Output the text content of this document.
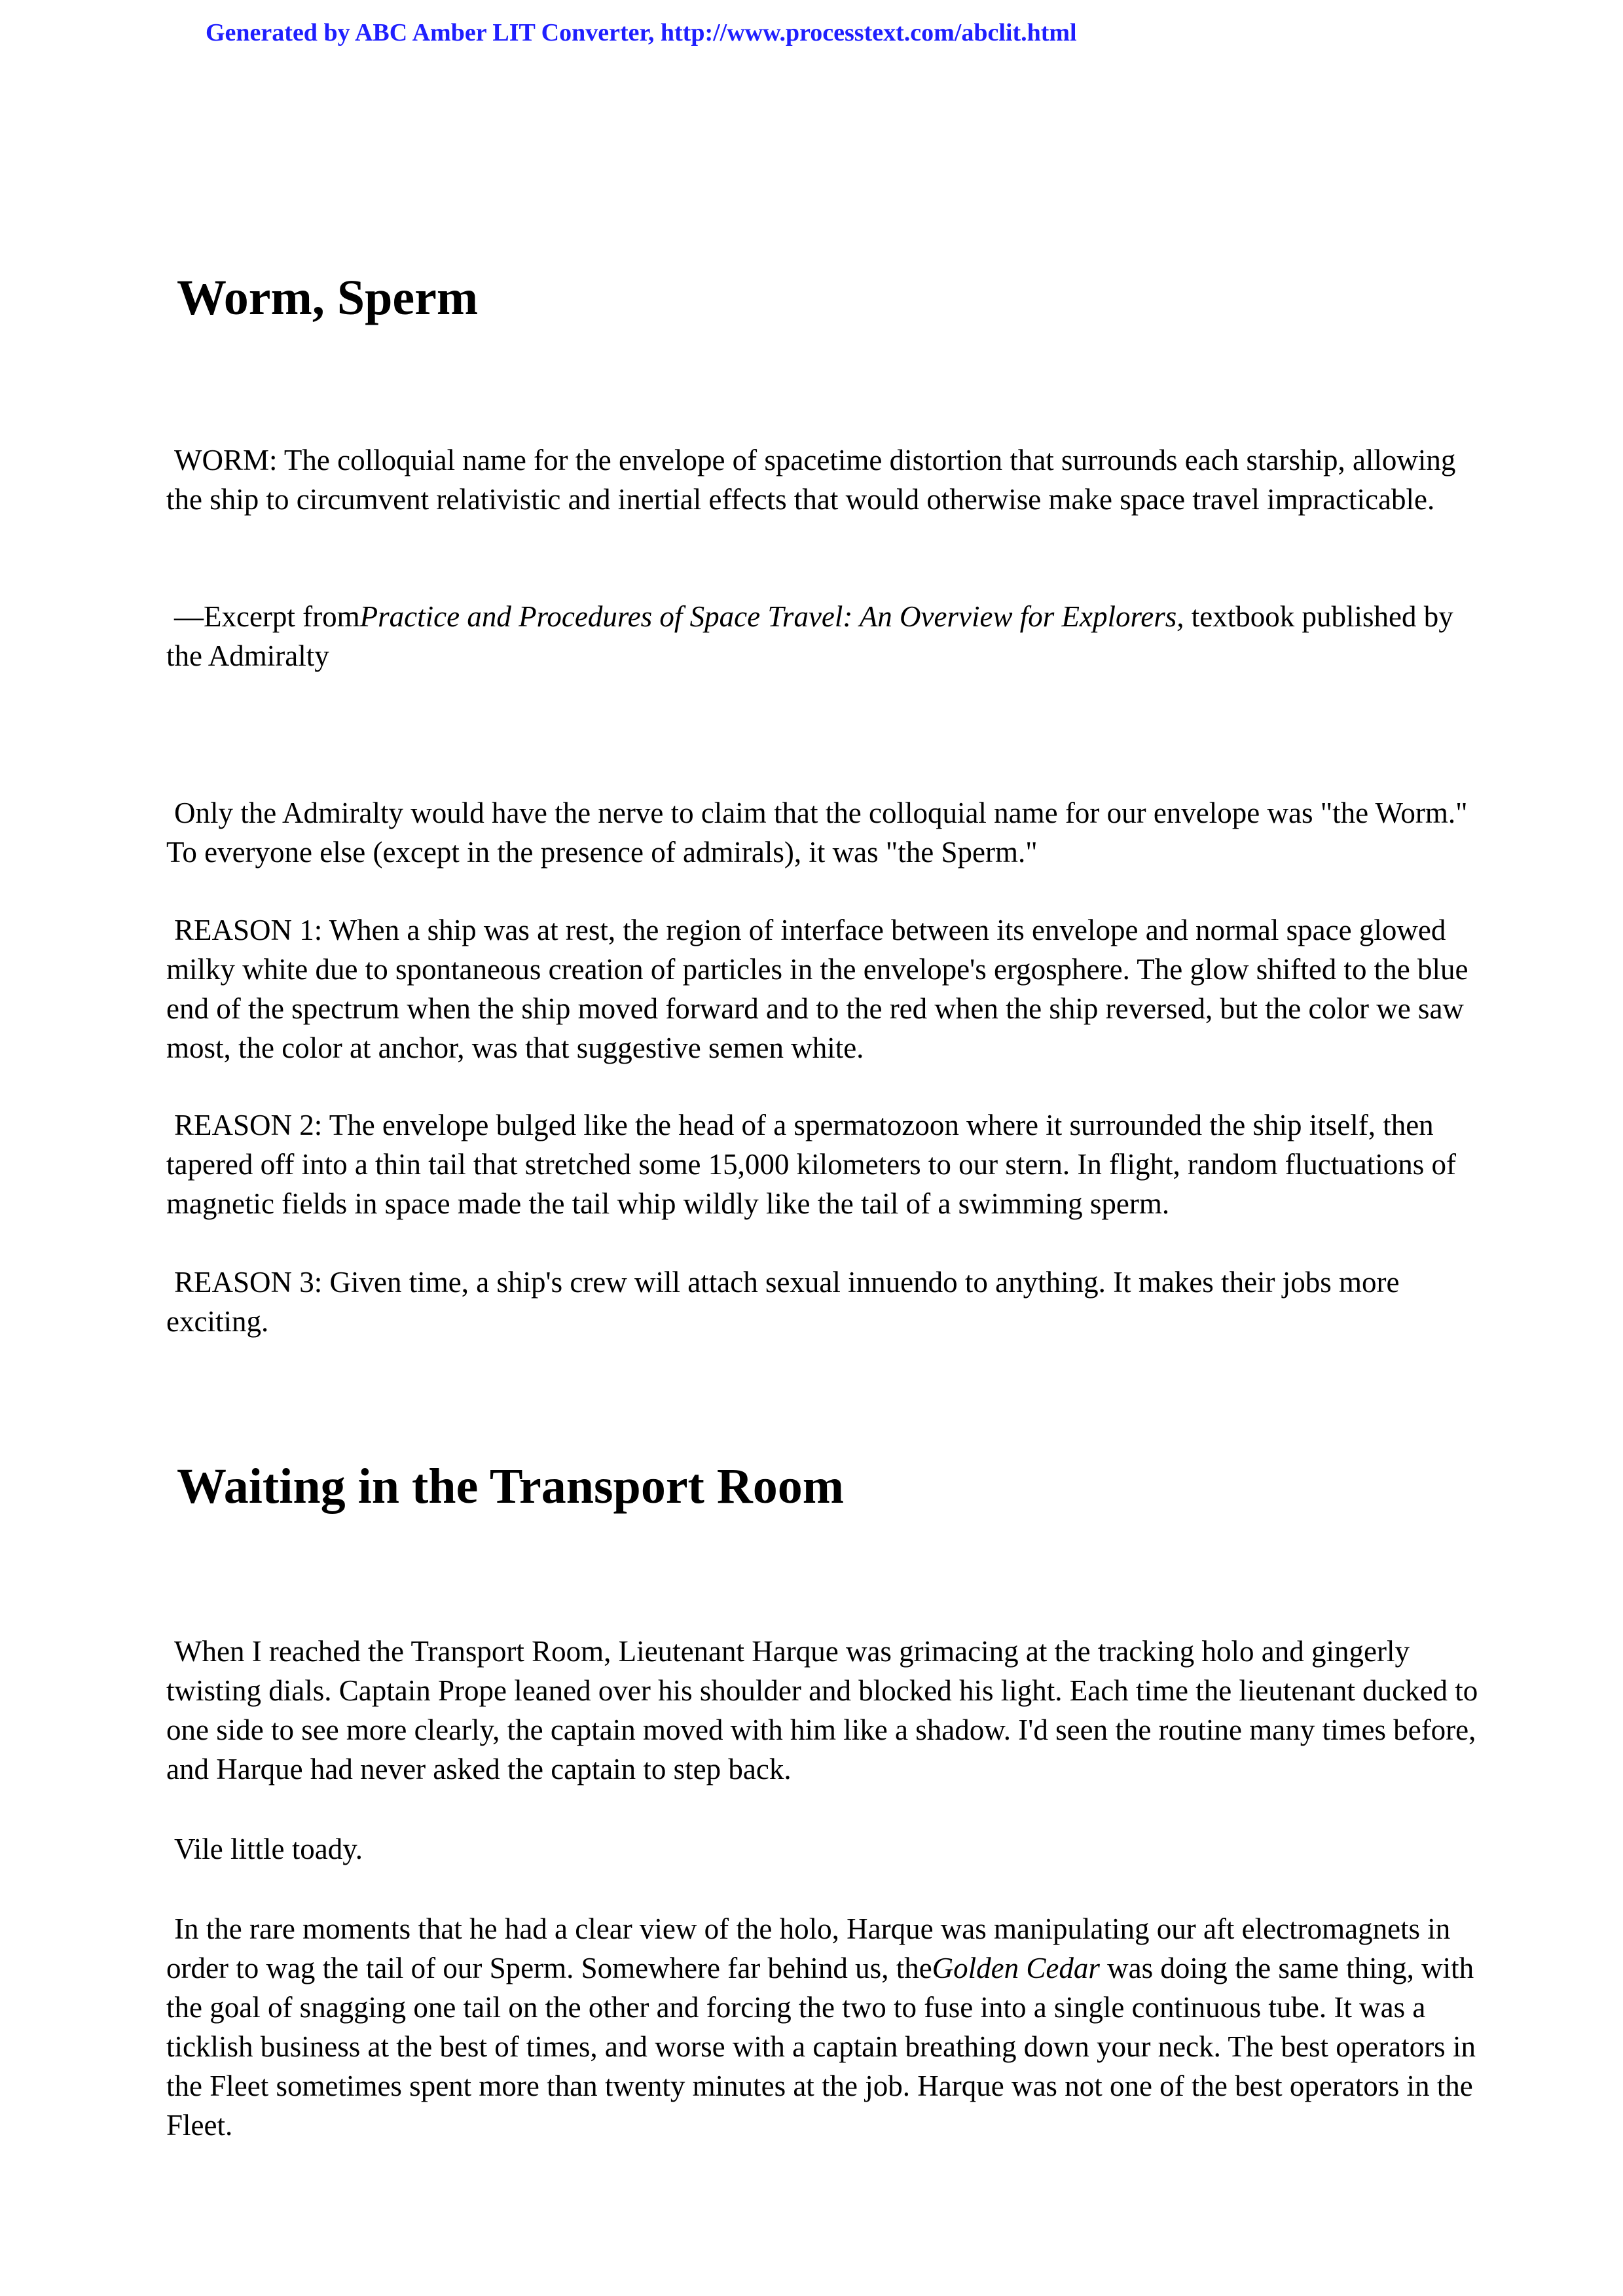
Generated by ABC Amber LIT Converter, http://www.processtext.com/abclit.html
Worm, Sperm

WORM: The colloquial name for the envelope of spacetime distortion that surrounds each starship, allowing the ship to circumvent relativistic and inertial effects that would otherwise make space travel impracticable.

—Excerpt fromPractice and Procedures of Space Travel: An Overview for Explorers, textbook published by the Admiralty

Only the Admiralty would have the nerve to claim that the colloquial name for our envelope was "the Worm." To everyone else (except in the presence of admirals), it was "the Sperm."

REASON 1: When a ship was at rest, the region of interface between its envelope and normal space glowed milky white due to spontaneous creation of particles in the envelope's ergosphere. The glow shifted to the blue end of the spectrum when the ship moved forward and to the red when the ship reversed, but the color we saw most, the color at anchor, was that suggestive semen white.

REASON 2: The envelope bulged like the head of a spermatozoon where it surrounded the ship itself, then tapered off into a thin tail that stretched some 15,000 kilometers to our stern. In flight, random fluctuations of magnetic fields in space made the tail whip wildly like the tail of a swimming sperm.

REASON 3: Given time, a ship's crew will attach sexual innuendo to anything. It makes their jobs more exciting.

Waiting in the Transport Room

When I reached the Transport Room, Lieutenant Harque was grimacing at the tracking holo and gingerly twisting dials. Captain Prope leaned over his shoulder and blocked his light. Each time the lieutenant ducked to one side to see more clearly, the captain moved with him like a shadow. I'd seen the routine many times before, and Harque had never asked the captain to step back.

Vile little toady.

In the rare moments that he had a clear view of the holo, Harque was manipulating our aft electromagnets in order to wag the tail of our Sperm. Somewhere far behind us, theGolden Cedar was doing the same thing, with the goal of snagging one tail on the other and forcing the two to fuse into a single continuous tube. It was a ticklish business at the best of times, and worse with a captain breathing down your neck. The best operators in the Fleet sometimes spent more than twenty minutes at the job. Harque was not one of the best operators in the Fleet.
